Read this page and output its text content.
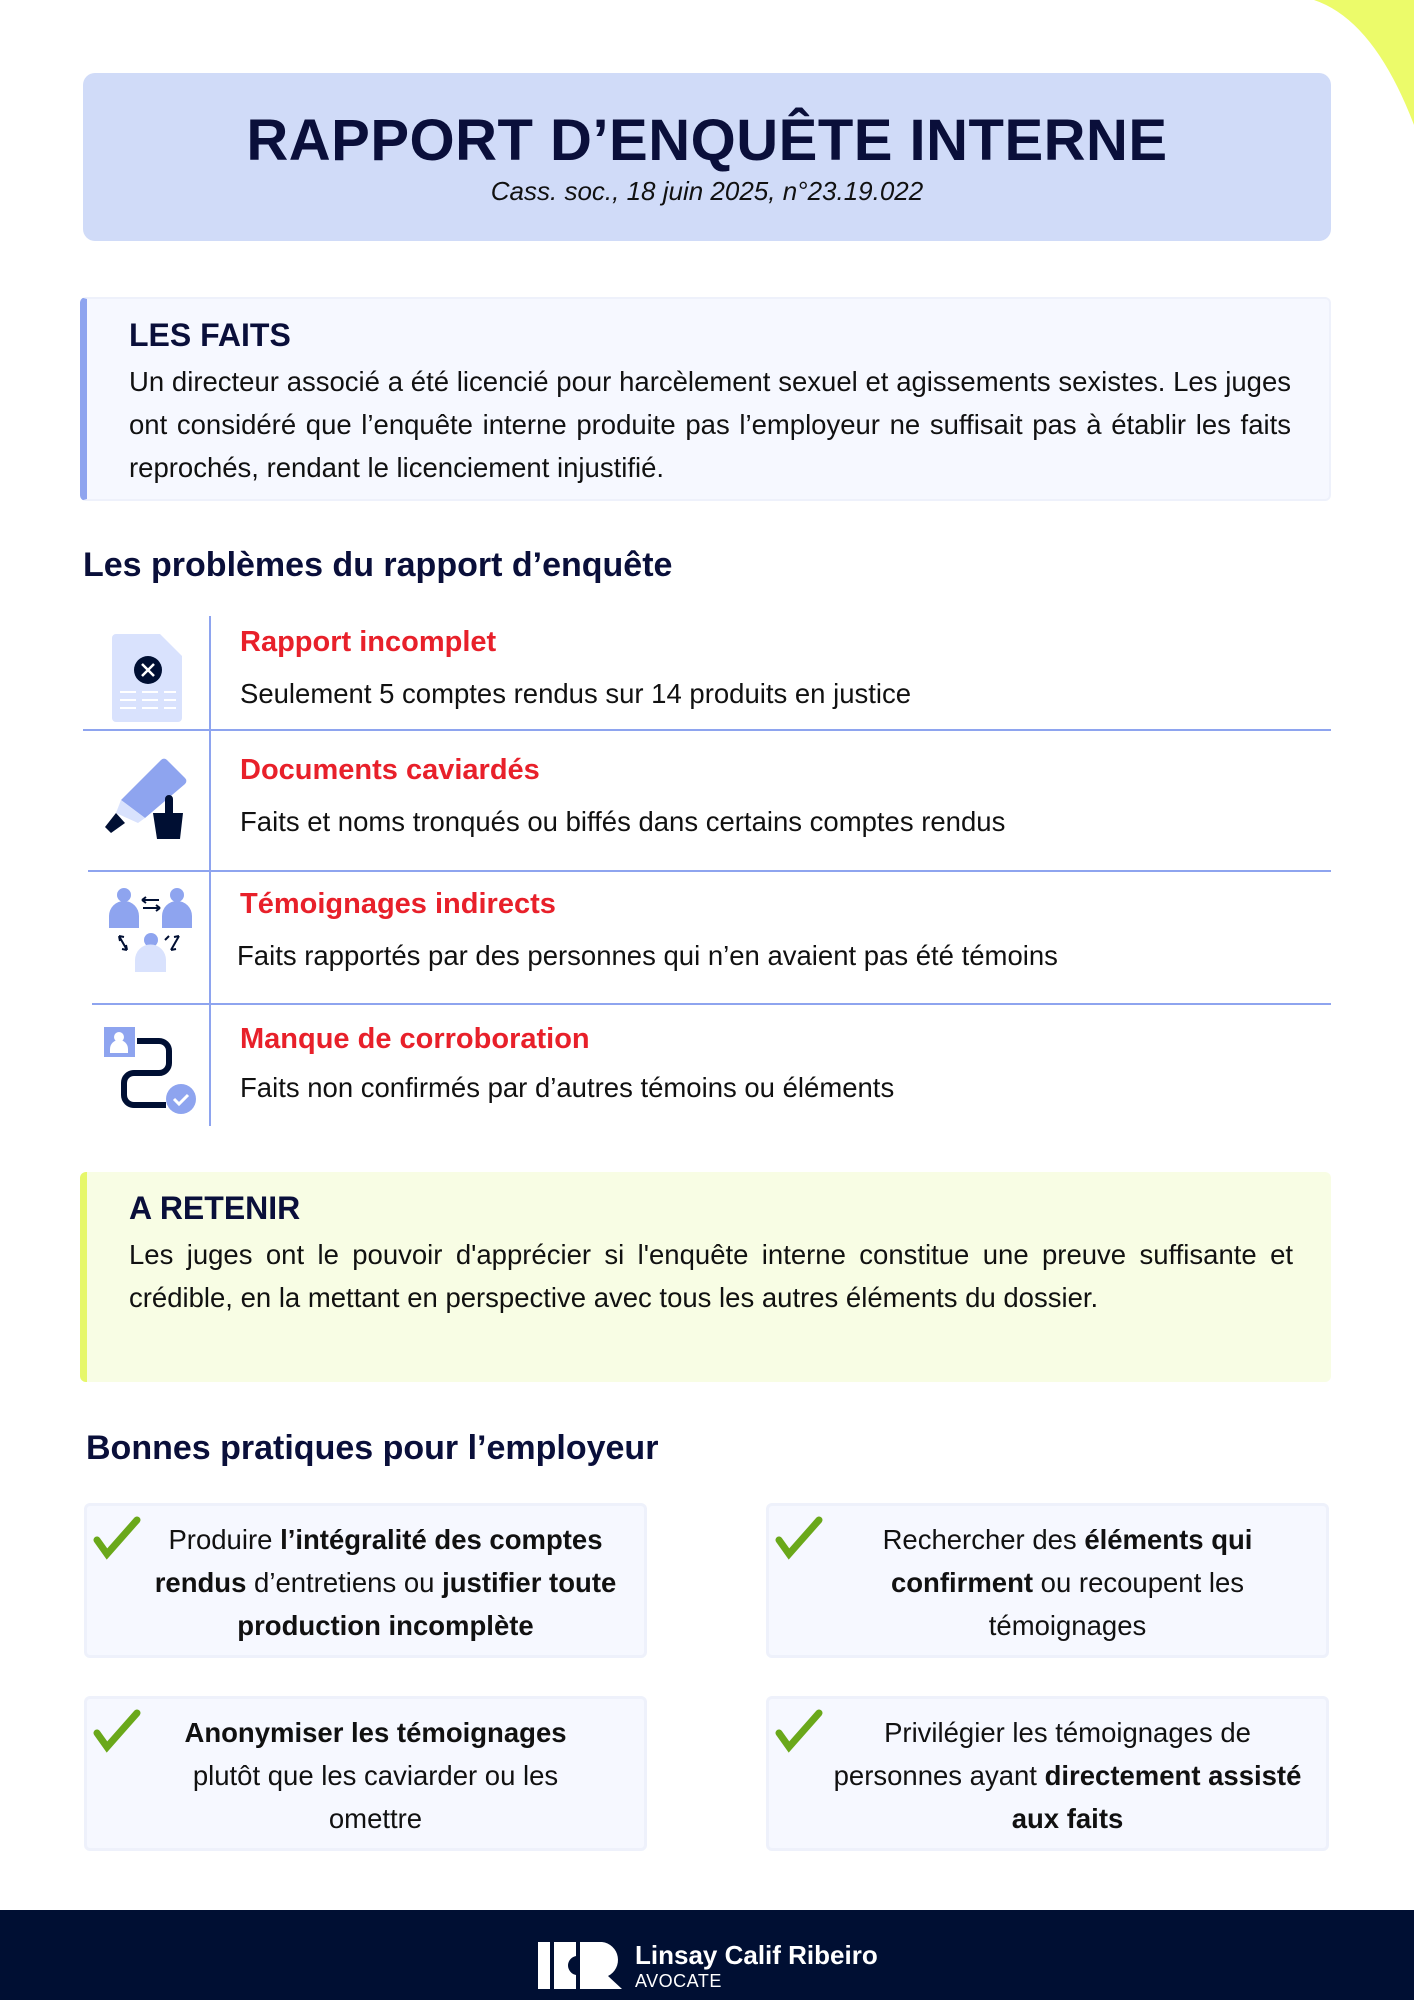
RAPPORT D’ENQUÊTE INTERNE
Cass. soc., 18 juin 2025, n°23.19.022
LES FAITS

Un directeur associé a été licencié pour harcèlement sexuel et agissements sexistes. Les juges ont considéré que l’enquête interne produite pas l’employeur ne suffisait pas à établir les faits reprochés, rendant le licenciement injustifié.

Les problèmes du rapport d’enquête
Rapport incomplet
Seulement 5 comptes rendus sur 14 produits en justice
Documents caviardés
Faits et noms tronqués ou biffés dans certains comptes rendus
Témoignages indirects
Faits rapportés par des personnes qui n’en avaient pas été témoins
Manque de corroboration
Faits non confirmés par d’autres témoins ou éléments
A RETENIR

Les juges ont le pouvoir d'apprécier si l'enquête interne constitue une preuve suffisante et crédible, en la mettant en perspective avec tous les autres éléments du dossier.

Bonnes pratiques pour l’employeur
Produire l’intégralité des comptes rendus d’entretiens ou justifier toute production incomplète
Rechercher des éléments qui confirment ou recoupent les témoignages
Anonymiser les témoignages plutôt que les caviarder ou les omettre
Privilégier les témoignages de personnes ayant directement assisté aux faits
Linsay Calif Ribeiro
AVOCATE
